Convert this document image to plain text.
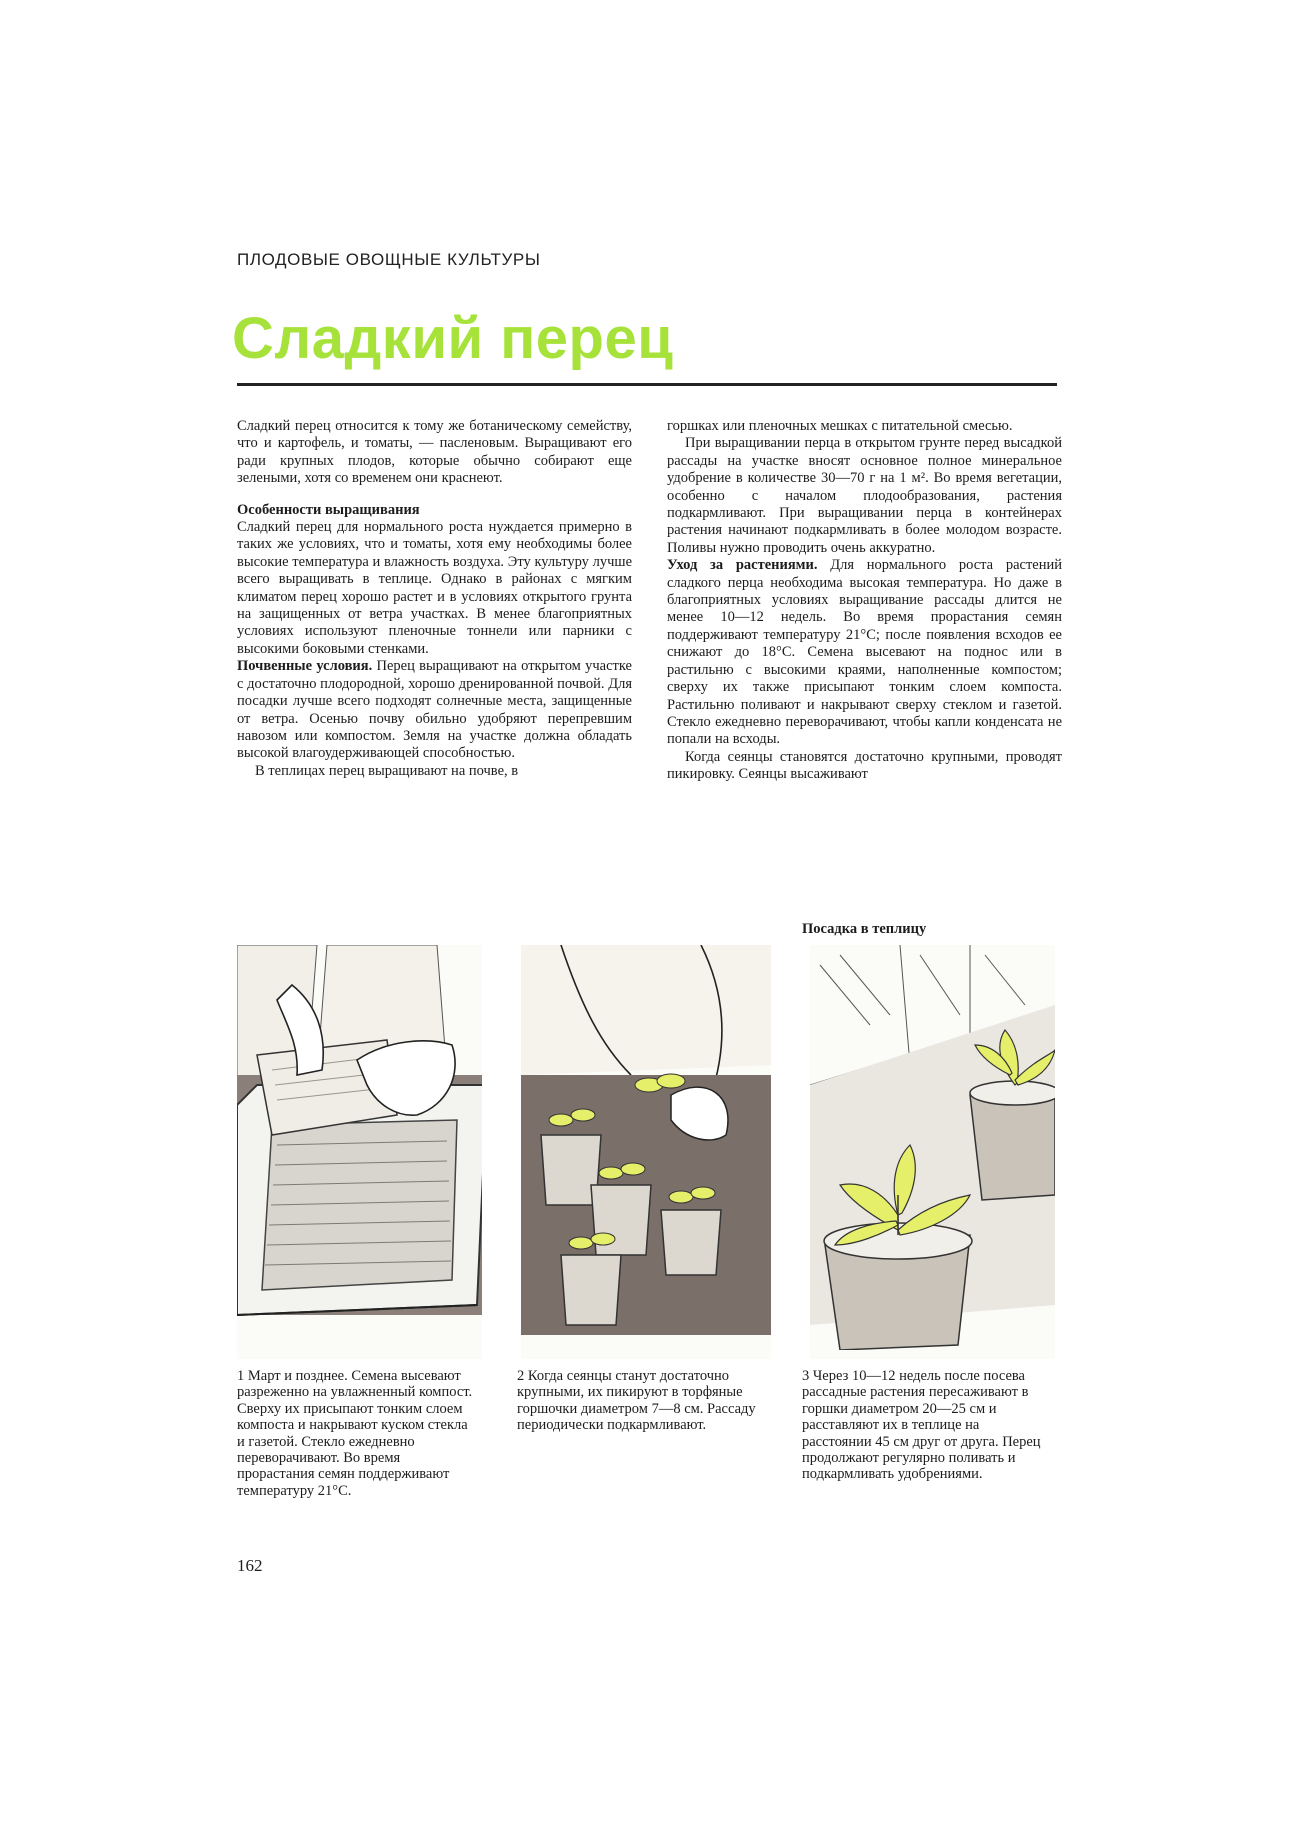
ПЛОДОВЫЕ ОВОЩНЫЕ КУЛЬТУРЫ
Сладкий перец

Сладкий перец относится к тому же ботаническому семейству, что и картофель, и томаты, — пасленовым. Выращивают его ради крупных плодов, которые обычно собирают еще зелеными, хотя со временем они краснеют.

Особенности выращивания

Сладкий перец для нормального роста нуждается примерно в таких же условиях, что и томаты, хотя ему необходимы более высокие температура и влажность воздуха. Эту культуру лучше всего выращивать в теплице. Однако в районах с мягким климатом перец хорошо растет и в условиях открытого грунта на защищенных от ветра участках. В менее благоприятных условиях используют пленочные тоннели или парники с высокими боковыми стенками.

Почвенные условия. Перец выращивают на открытом участке с достаточно плодородной, хорошо дренированной почвой. Для посадки лучше всего подходят солнечные места, защищенные от ветра. Осенью почву обильно удобряют перепревшим навозом или компостом. Земля на участке должна обладать высокой влагоудерживающей способностью.

В теплицах перец выращивают на почве, в

горшках или пленочных мешках с питательной смесью.

При выращивании перца в открытом грунте перед высадкой рассады на участке вносят основное полное минеральное удобрение в количестве 30—70 г на 1 м². Во время вегетации, особенно с началом плодообразования, растения подкармливают. При выращивании перца в контейнерах растения начинают подкармливать в более молодом возрасте. Поливы нужно проводить очень аккуратно.

Уход за растениями. Для нормального роста растений сладкого перца необходима высокая температура. Но даже в благоприятных условиях выращивание рассады длится не менее 10—12 недель. Во время прорастания семян поддерживают температуру 21°С; после появления всходов ее снижают до 18°С. Семена высевают на поднос или в растильню с высокими краями, наполненные компостом; сверху их также присыпают тонким слоем компоста. Растильню поливают и накрывают сверху стеклом и газетой. Стекло ежедневно переворачивают, чтобы капли конденсата не попали на всходы.

Когда сеянцы становятся достаточно крупными, проводят пикировку. Сеянцы высаживают

Посадка в теплицу
1 Март и позднее. Семена высевают разреженно на увлажненный компост. Сверху их присыпают тонким слоем компоста и накрывают куском стекла и газетой. Стекло ежедневно переворачивают. Во время прорастания семян поддерживают температуру 21°С.
2 Когда сеянцы станут достаточно крупными, их пикируют в торфяные горшочки диаметром 7—8 см. Рассаду периодически подкармливают.
3 Через 10—12 недель после посева рассадные растения пересаживают в горшки диаметром 20—25 см и расставляют их в теплице на расстоянии 45 см друг от друга. Перец продолжают регулярно поливать и подкармливать удобрениями.
162
